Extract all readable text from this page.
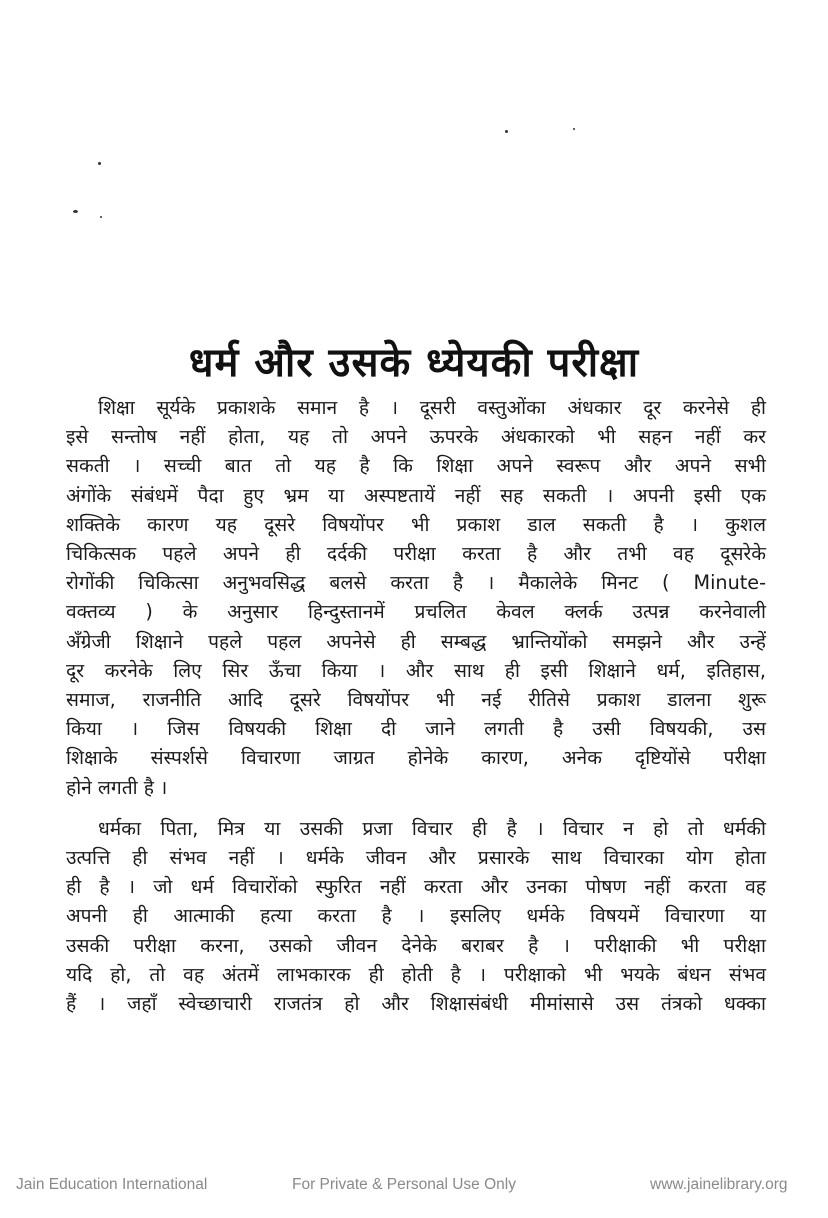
धर्म और उसके ध्येयकी परीक्षा

शिक्षा सूर्यके प्रकाशके समान है । दूसरी वस्तुओंका अंधकार दूर करनेसे ही
इसे सन्तोष नहीं होता, यह तो अपने ऊपरके अंधकारको भी सहन नहीं कर
सकती । सच्ची बात तो यह है कि शिक्षा अपने स्वरूप और अपने सभी
अंगोंके संबंधमें पैदा हुए भ्रम या अस्पष्टतायें नहीं सह सकती । अपनी इसी एक
शक्तिके कारण यह दूसरे विषयोंपर भी प्रकाश डाल सकती है । कुशल
चिकित्सक पहले अपने ही दर्दकी परीक्षा करता है और तभी वह दूसरेके
रोगोंकी चिकित्सा अनुभवसिद्ध बलसे करता है । मैकालेके मिनट ( Minute-
वक्तव्य ) के अनुसार हिन्दुस्तानमें प्रचलित केवल क्लर्क उत्पन्न करनेवाली
अँग्रेजी शिक्षाने पहले पहल अपनेसे ही सम्बद्ध भ्रान्तियोंको समझने और उन्हें
दूर करनेके लिए सिर ऊँचा किया । और साथ ही इसी शिक्षाने धर्म, इतिहास,
समाज, राजनीति आदि दूसरे विषयोंपर भी नई रीतिसे प्रकाश डालना शुरू
किया । जिस विषयकी शिक्षा दी जाने लगती है उसी विषयकी, उस
शिक्षाके संस्पर्शसे विचारणा जाग्रत होनेके कारण, अनेक दृष्टियोंसे परीक्षा
होने लगती है ।

धर्मका पिता, मित्र या उसकी प्रजा विचार ही है । विचार न हो तो धर्मकी
उत्पत्ति ही संभव नहीं । धर्मके जीवन और प्रसारके साथ विचारका योग होता
ही है । जो धर्म विचारोंको स्फुरित नहीं करता और उनका पोषण नहीं करता वह
अपनी ही आत्माकी हत्या करता है । इसलिए धर्मके विषयमें विचारणा या
उसकी परीक्षा करना, उसको जीवन देनेके बराबर है । परीक्षाकी भी परीक्षा
यदि हो, तो वह अंतमें लाभकारक ही होती है । परीक्षाको भी भयके बंधन संभव
हैं । जहाँ स्वेच्छाचारी राजतंत्र हो और शिक्षासंबंधी मीमांसासे उस तंत्रको धक्का

Jain Education International	For Private & Personal Use Only	www.jainelibrary.org
